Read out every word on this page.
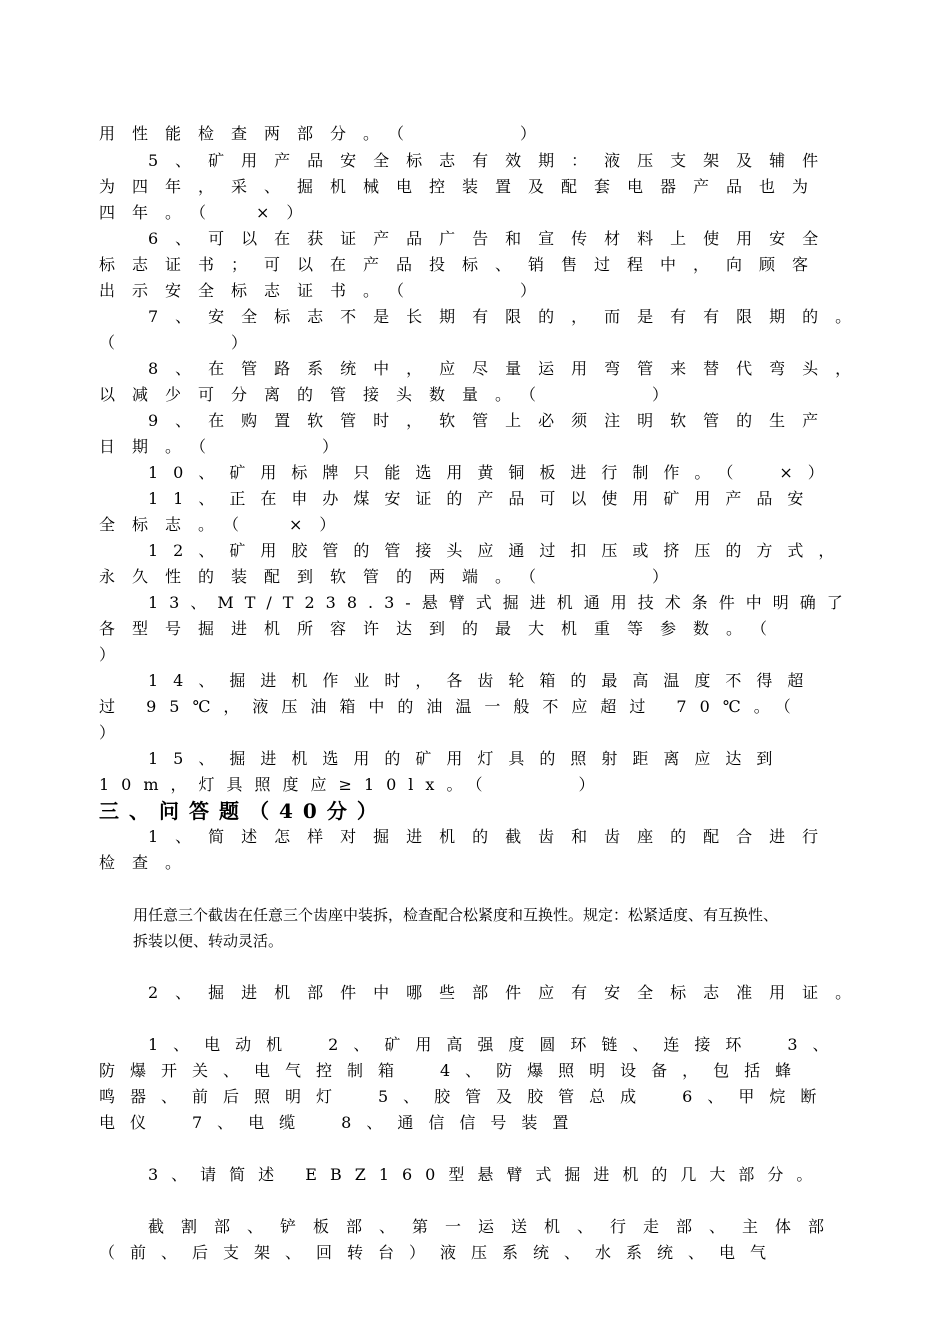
用性能检查两部分。（　　　）
5、矿用产品安全标志有效期：液压支架及辅件
为四年，采、掘机械电控装置及配套电器产品也为
四年。（　×）
6、可以在获证产品广告和宣传材料上使用安全
标志证书；可以在产品投标、销售过程中，向顾客
出示安全标志证书。（　　　）
7、安全标志不是长期有限的，而是有有限期的。
（　　　）
8、在管路系统中，应尽量运用弯管来替代弯头，
以减少可分离的管接头数量。（　　　）
9、在购置软管时，软管上必须注明软管的生产
日期。（　　　）
10、矿用标牌只能选用黄铜板进行制作。（　×）
11、正在申办煤安证的产品可以使用矿用产品安
全标志。（　×）
12、矿用胶管的管接头应通过扣压或挤压的方式，
永久性的装配到软管的两端。（　　　）
13、MT/T238.3-悬臂式掘进机通用技术条件中明确了
各型号掘进机所容许达到的最大机重等参数。（
）
14、掘进机作业时，各齿轮箱的最高温度不得超
过 95℃，液压油箱中的油温一般不应超过 70℃。（
）
15、掘进机选用的矿用灯具的照射距离应达到
10m，灯具照度应≥10lx。（　　　）
三、问答题（40分）
1、简述怎样对掘进机的截齿和齿座的配合进行
检查。
用任意三个截齿在任意三个齿座中装拆，检查配合松紧度和互换性。规定：松紧适度、有互换性、
拆装以便、转动灵活。
2、掘进机部件中哪些部件应有安全标志准用证。
1、电动机　2、矿用高强度圆环链、连接环　3、
防爆开关、电气控制箱　4、防爆照明设备，包括蜂
鸣器、前后照明灯　5、胶管及胶管总成　6、甲烷断
电仪　7、电缆　8、通信信号装置
3、请简述 EBZ160型悬臂式掘进机的几大部分。
截割部、铲板部、第一运送机、行走部、主体部
（前、后支架、回转台）液压系统、水系统、电气
